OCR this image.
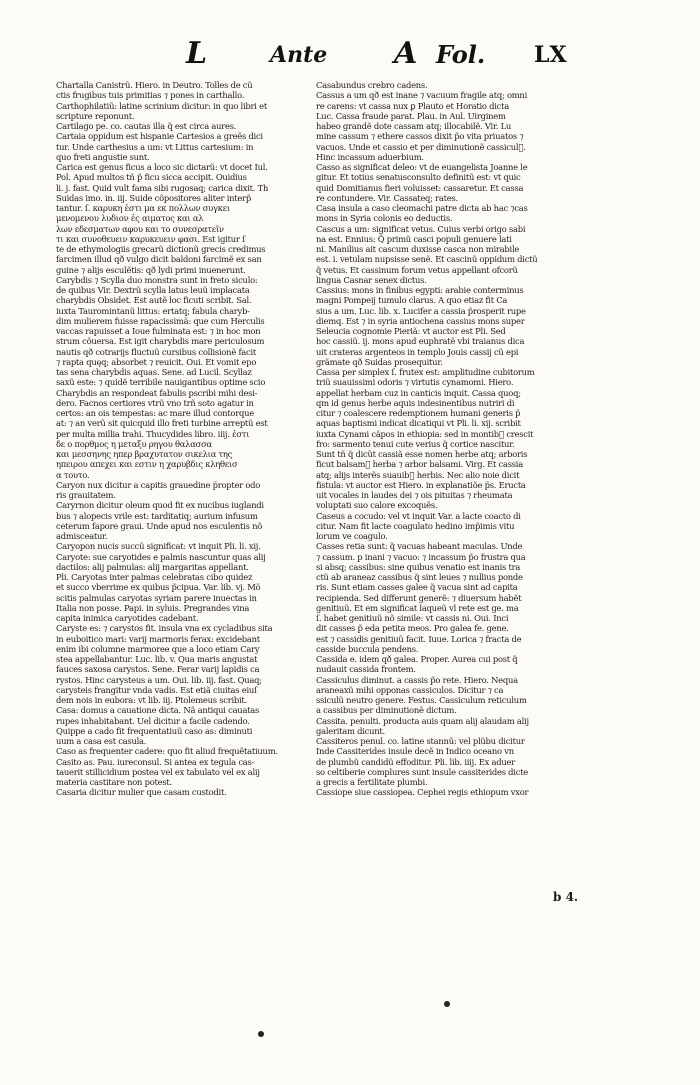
L	Ante A Fol. LX
Chartalla Canistrũ. Hiero. in Deutro. Tolles de cũ
ctis frugibus tuis primitias ⁊ pones in carthallo.
Carthophilatiũ: latine scrinium dicitur: in quo libri et
scripture reponunt.
Cartilago pe. co. cautas illa q̃ est circa aures.
Cartaia oppidum est hispanie Cartesios a greẽs dici
tur. Unde carthesius a um: vt Littus cartesium: in
quo freti angustie sunt.
Carica est genus ficus a loco sic dictarũ: vt docet Iul.
Pol. Apud multos tñ p̃ ficu sicca accipit. Ouidius
li. j. fast. Quid vult fama sibi rugosaq; carica dixit. Th
Suidas imo. in. iij. Suide cõpositores aliter interp̃
tantur. ſ. καρυκη ἐστι μα εκ πολλων συγκει
μενομενου λυδιον ἐς αιματος και αλ
λων εδεσματων αφου και το συνεσρατεῖν
τι και συνοθευειν καρυκευειν φασι. Est igitur ſ
te de ethymologiis grecarũ dictionũ grecis credimus
farcimen illud qð vulgo dicit baldoni farcimẽ ex san
guine ⁊ alijs esculẽtis: qð lydi primi inuenerunt.
Carybdis ⁊ Scylla duo monstra sunt in freto siculo:
de quibus Vir. Dextrũ scylla latus leuũ implacata
charybdis Obsidet. Est autẽ loc ficuti scribit. Sal.
iuxta Tauromintanũ littus: ertatq; fabula charyb-
dim mulierem fuisse rapacissimã: que cum Herculis
vaccas rapuisset a Ioue fulminata est: ⁊ in hoc mon
strum cõuersa. Est igit charybdis mare periculosum
nautis qð cotrarijs fluctuũ cursibus collisionẽ facit
⁊ rapta quęq; absorbet ⁊ reuicit. Oui. Et vomit epo
tas sena charybdis aquas. Sene. ad Lucil. Scyllaz
saxũ este: ⁊ quidẽ terribile nauigantibus optime scio
Charybdis an respondeat fabulis pscribi mihi desi-
dero. Facnos certiores vtrũ vno trñ soto agatur in
certos: an ois tempestas: ac mare illud contorque
at: ⁊ an verũ sit quicquid illo freti turbine arreptũ est
per multa millia trahi. Thucydides libro. iiij. ἐστι
δε ο πορθμος η μεταξυ ρηγου θαλασσα
και μεσσηνης ηπερ βραχυτατον σικελια της
ηπειρου απεχει και εστιν η χαρυβδις κληθεισ
α τουτο.
Caryon nux dicitur a capitis grauedine p̃ropter odo
ris grauitatem.
Caryrnon dicitur oleum quod fit ex nucibus iuglandi
bus ⁊ alopecis vrile est: tarditatiq; aurium infusum
ceterum fapore graui. Unde apud nos esculentis nõ
admisceatur.
Caryopon nucis succũ significat: vt inquit Pli. li. xij.
Caryote: sue caryotides e palmis nascuntur quas alij
dactilos: alij palmulas: alij margaritas appellant.
Pli. Caryotas inter palmas celebratas cibo quidez
et succo vberrime ex quibus p̃cipua. Var. lib. vj. Mõ
scitis palmulas caryotas syriam parere inuectas in
Italia non posse. Papi. in syluis. Pregrandes vina
capita inimica caryotides cadebant.
Caryste es: ⁊ carystos fit. insula vna ex cycladibus sita
in euboitico mari: varij marmoris ferax: excidebant
enim ibi columne marmoree que a loco etiam Cary
stea appellabantur. Luc. lib. v. Qua maris angustat
fauces saxosa carystos. Sene. Ferar varij lapidis ca
rystos. Hinc carysteus a um. Oui. lib. iij. fast. Quaq;
carysteis frangitur vnda vadis. Est etiã ciuitas eiuſ
dem nois in eubora: vt lib. iij. Ptolemeus scribit.
Casa: domus a cauatione dicta. Nã antiqui cauatas
rupes inhabitabant. Uel dicitur a facile cadendo.
Quippe a cado fit frequentatiuũ caso as: diminuti
uum a casa est casula.
Caso as frequenter cadere: quo fit aliud frequẽtatiuum.
Casito as. Pau. iureconsul. Si antea ex tegula cas-
tauerit stillicidium postea vel ex tabulato vel ex alij
materia castitare non potest.
Casaria dicitur mulier que casam custodit.
Casabundus crebro cadens.
Cassus a um qð est inane ⁊ vacuum fragile atq; omni
re carens: vt cassa nux ꝑ Plauto et Horatio dicta
Luc. Cassa fraude parat. Plau. in Aul. Uirginem
habeo grandẽ dote cassam atq; illocabilẽ. Vir. Lu
mine cassum ⁊ ethere cassos dixit p̃o vita priuatos ⁊
vacuos. Unde et cassio et per diminutionẽ cassicul᷑.
Hinc incassum aduerbium.
Casso as significat deleo: vt de euangelista Joanne le
gitur. Et totius senatusconsulto definitũ est: vt quic
quid Domitianus fieri voluisset: cassaretur. Et cassa
re contundere. Vir. Cassateq; rates.
Casa insula a caso cleomachi patre dicta ab hac ⁊cas
mons in Syria colonis eo deductis.
Cascus a um: significat vetus. Cuius verbi origo sabi
na est. Ennius: Q̃ primũ casci populi genuere lati
ni. Manilius ait cascum duxisse casca non mirabile
est. i. vetulam nupsisse senẽ. Et cascinũ oppidum dictũ
q̃ vetus. Et cassinum forum vetus appellant ofcorũ
lingua Casnar senex dictus.
Cassius: mons in finibus egypti: arabie conterminus
magni Pompeij tumulo clarus. A quo etiaz fit Ca
sius a um. Luc. lib. x. Lucifer a cassia p̃rosperit rupe
diemq. Est ⁊ in syria antiochena cassius mons super
Seleucia cognomie Pieriã: vt auctor est Pli. Sed
hoc cassiũ. ij. mons apud euphratẽ vbi traianus dica
uit crateras argenteos in templo Jouis cassij cũ epi
grãmate qð Suidas prosequitur.
Cassa per simplex ſ. frutex est: amplitudine cubitorum
triũ suauissimi odoris ⁊ virtutis cynamomi. Hiero.
appellat herbam cuz in canticis inquit. Cassa quoq;
qm id genus herbe aquis indesinentibus nutriri di
citur ⁊ coalescere redemptionem humani generis p̃
aquas baptismi indicat dicatiqui vt Pli. li. xij. scribit
iuxta Cynami cãpos in ethiopia: sed in montib᷑ crescit
fro: sarmento tenui cute verius q̃ cortice nascitur.
Sunt tñ q̃ dicũt cassiã esse nomen herbe atq; arboris
ficut balsam᷑ herba ⁊ arbor balsami. Virg. Et cassia
atq; alijs interẽs suauib᷑ herbis. Nec alio noie dicit
fistula: vt auctor est Hiero. in explanatiõe p̃s. Eructa
uit vocales in laudes dei ⁊ ois pituitas ⁊ rheumata
voluptati suo calore excoquẽs.
Caseus a cocudo: vel vt inquit Var. a lacte coacto di
citur. Nam fit lacte coagulato hedino imp̃imis vitu
lorum ve coagulo.
Casses retia sunt: q̃ vacuas habeant maculas. Unde
⁊ cassum. p inani ⁊ vacuo: ⁊ incassum p̃o frustra qua
si absq; cassibus: sine quibus venatio est inanis tra
ctũ ab araneaz cassibus q̃ sint leues ⁊ nullius ponde
ris. Sunt etiam casses galee q̃ vacua sint ad capita
recipienda. Sed differunt generẽ: ⁊ diuersum habẽt
genitiuũ. Et em significat laqueũ vl rete est ge. ma
ſ. habet genitiuũ nõ simile: vt cassis ni. Oui. Inci
dit casses p̃ eda petita meos. Pro galea fe. gene.
est ⁊ cassidis genitiuũ facit. Iuue. Lorica ⁊ fracta de
casside buccula pendens.
Cassida e. idem qð galea. Proper. Aurea cui post q̃
nudauit cassida frontem.
Cassiculus diminut. a cassis p̃o rete. Hiero. Nequa
araneaxũ mihi opponas cassiculos. Dicitur ⁊ ca
ssiculũ neutro genere. Festus. Cassiculum reticulum
a cassibus per diminutionẽ dictum.
Cassita. penulti. producta auis quam alij alaudam alij
galeritam dicunt.
Cassiteros penul. co. latine stannũ: vel plũbu dicitur
Inde Cassiterides insule decẽ in Indico oceano vn
de plumbũ candidũ effoditur. Pli. lib. iiij. Ex aduer
so celtiberie complures sunt insule cassiterides dicte
a grecis a fertilitate plumbi.
Cassiope siue cassiopea. Cephei regis ethiopum vxor
b 4.
